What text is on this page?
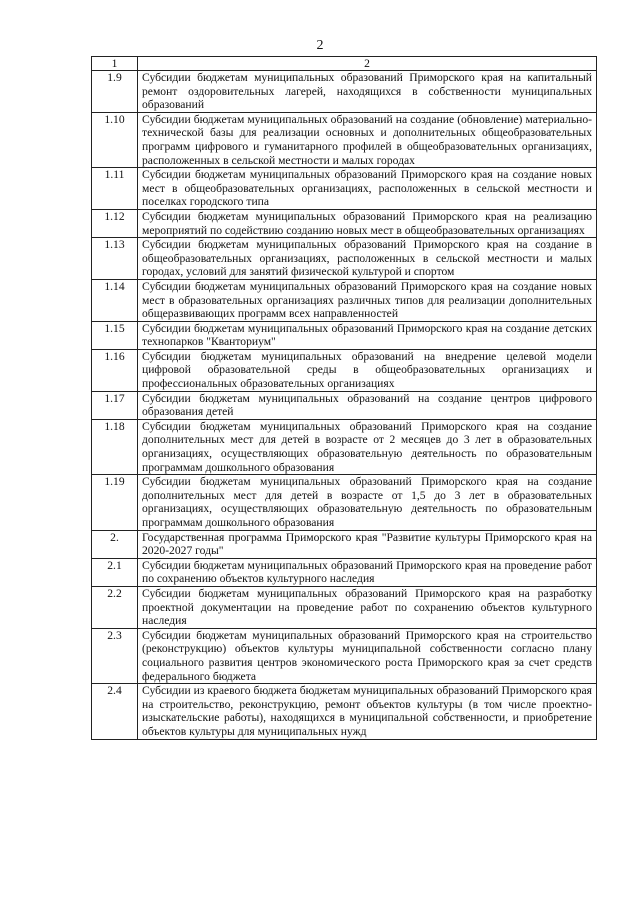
2
1	2
1.9	Субсидии бюджетам муниципальных образований Приморского края на капитальный ремонт оздоровительных лагерей, находящихся в собственности муниципальных образований
1.10	Субсидии бюджетам муниципальных образований на создание (обновление) материально-технической базы для реализации основных и дополнительных общеобразовательных программ цифрового и гуманитарного профилей в общеобразовательных организациях, расположенных в сельской местности и малых городах
1.11	Субсидии бюджетам муниципальных образований Приморского края на создание новых мест в общеобразовательных организациях, расположенных в сельской местности и поселках городского типа
1.12	Субсидии бюджетам муниципальных образований Приморского края на реализацию мероприятий по содействию созданию новых мест в общеобразовательных организациях
1.13	Субсидии бюджетам муниципальных образований Приморского края на создание в общеобразовательных организациях, расположенных в сельской местности и малых городах, условий для занятий физической культурой и спортом
1.14	Субсидии бюджетам муниципальных образований Приморского края на создание новых мест в образовательных организациях различных типов для реализации дополнительных общеразвивающих программ всех направленностей
1.15	Субсидии бюджетам муниципальных образований Приморского края на создание детских технопарков "Кванториум"
1.16	Субсидии бюджетам муниципальных образований на внедрение целевой модели цифровой образовательной среды в общеобразовательных организациях и профессиональных образовательных организациях
1.17	Субсидии бюджетам муниципальных образований на создание центров цифрового образования детей
1.18	Субсидии бюджетам муниципальных образований Приморского края на создание дополнительных мест для детей в возрасте от 2 месяцев до 3 лет в образовательных организациях, осуществляющих образовательную деятельность по образовательным программам дошкольного образования
1.19	Субсидии бюджетам муниципальных образований Приморского края на создание дополнительных мест для детей в возрасте от 1,5 до 3 лет в образовательных организациях, осуществляющих образовательную деятельность по образовательным программам дошкольного образования
2.	Государственная программа Приморского края "Развитие культуры Приморского края на 2020-2027 годы"
2.1	Субсидии бюджетам муниципальных образований Приморского края на проведение работ по сохранению объектов культурного наследия
2.2	Субсидии бюджетам муниципальных образований Приморского края на разработку проектной документации на проведение работ по сохранению объектов культурного наследия
2.3	Субсидии бюджетам муниципальных образований Приморского края на строительство (реконструкцию) объектов культуры муниципальной собственности согласно плану социального развития центров экономического роста Приморского края за счет средств федерального бюджета
2.4	Субсидии из краевого бюджета бюджетам муниципальных образований Приморского края на строительство, реконструкцию, ремонт объектов культуры (в том числе проектно-изыскательские работы), находящихся в муниципальной собственности, и приобретение объектов культуры для муниципальных нужд
